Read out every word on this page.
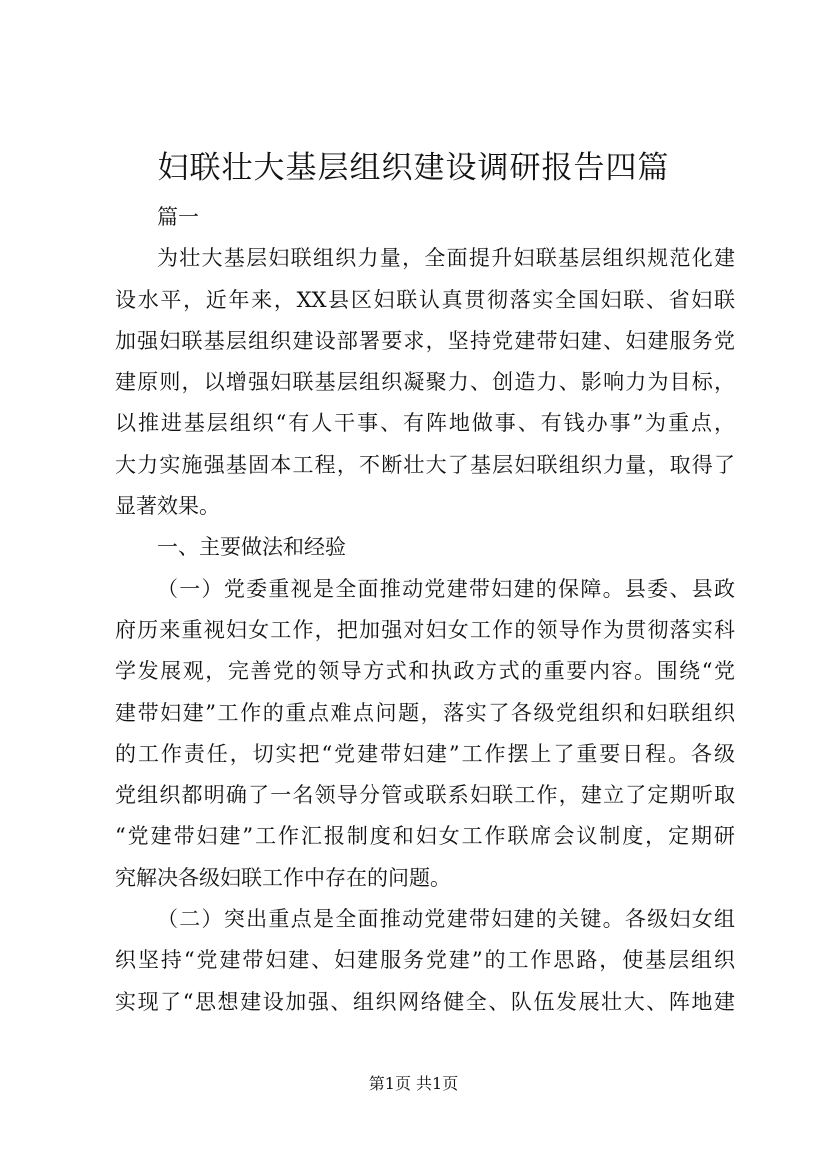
妇联壮大基层组织建设调研报告四篇
篇一
为壮大基层妇联组织力量，全面提升妇联基层组织规范化建
设水平，近年来，XX县区妇联认真贯彻落实全国妇联、省妇联
加强妇联基层组织建设部署要求，坚持党建带妇建、妇建服务党
建原则，以增强妇联基层组织凝聚力、创造力、影响力为目标，
以推进基层组织“有人干事、有阵地做事、有钱办事”为重点，
大力实施强基固本工程，不断壮大了基层妇联组织力量，取得了
显著效果。
一、主要做法和经验
（一）党委重视是全面推动党建带妇建的保障。县委、县政
府历来重视妇女工作，把加强对妇女工作的领导作为贯彻落实科
学发展观，完善党的领导方式和执政方式的重要内容。围绕“党
建带妇建”工作的重点难点问题，落实了各级党组织和妇联组织
的工作责任，切实把“党建带妇建”工作摆上了重要日程。各级
党组织都明确了一名领导分管或联系妇联工作，建立了定期听取
“党建带妇建”工作汇报制度和妇女工作联席会议制度，定期研
究解决各级妇联工作中存在的问题。
（二）突出重点是全面推动党建带妇建的关键。各级妇女组
织坚持“党建带妇建、妇建服务党建”的工作思路，使基层组织
实现了“思想建设加强、组织网络健全、队伍发展壮大、阵地建
第1页 共1页
